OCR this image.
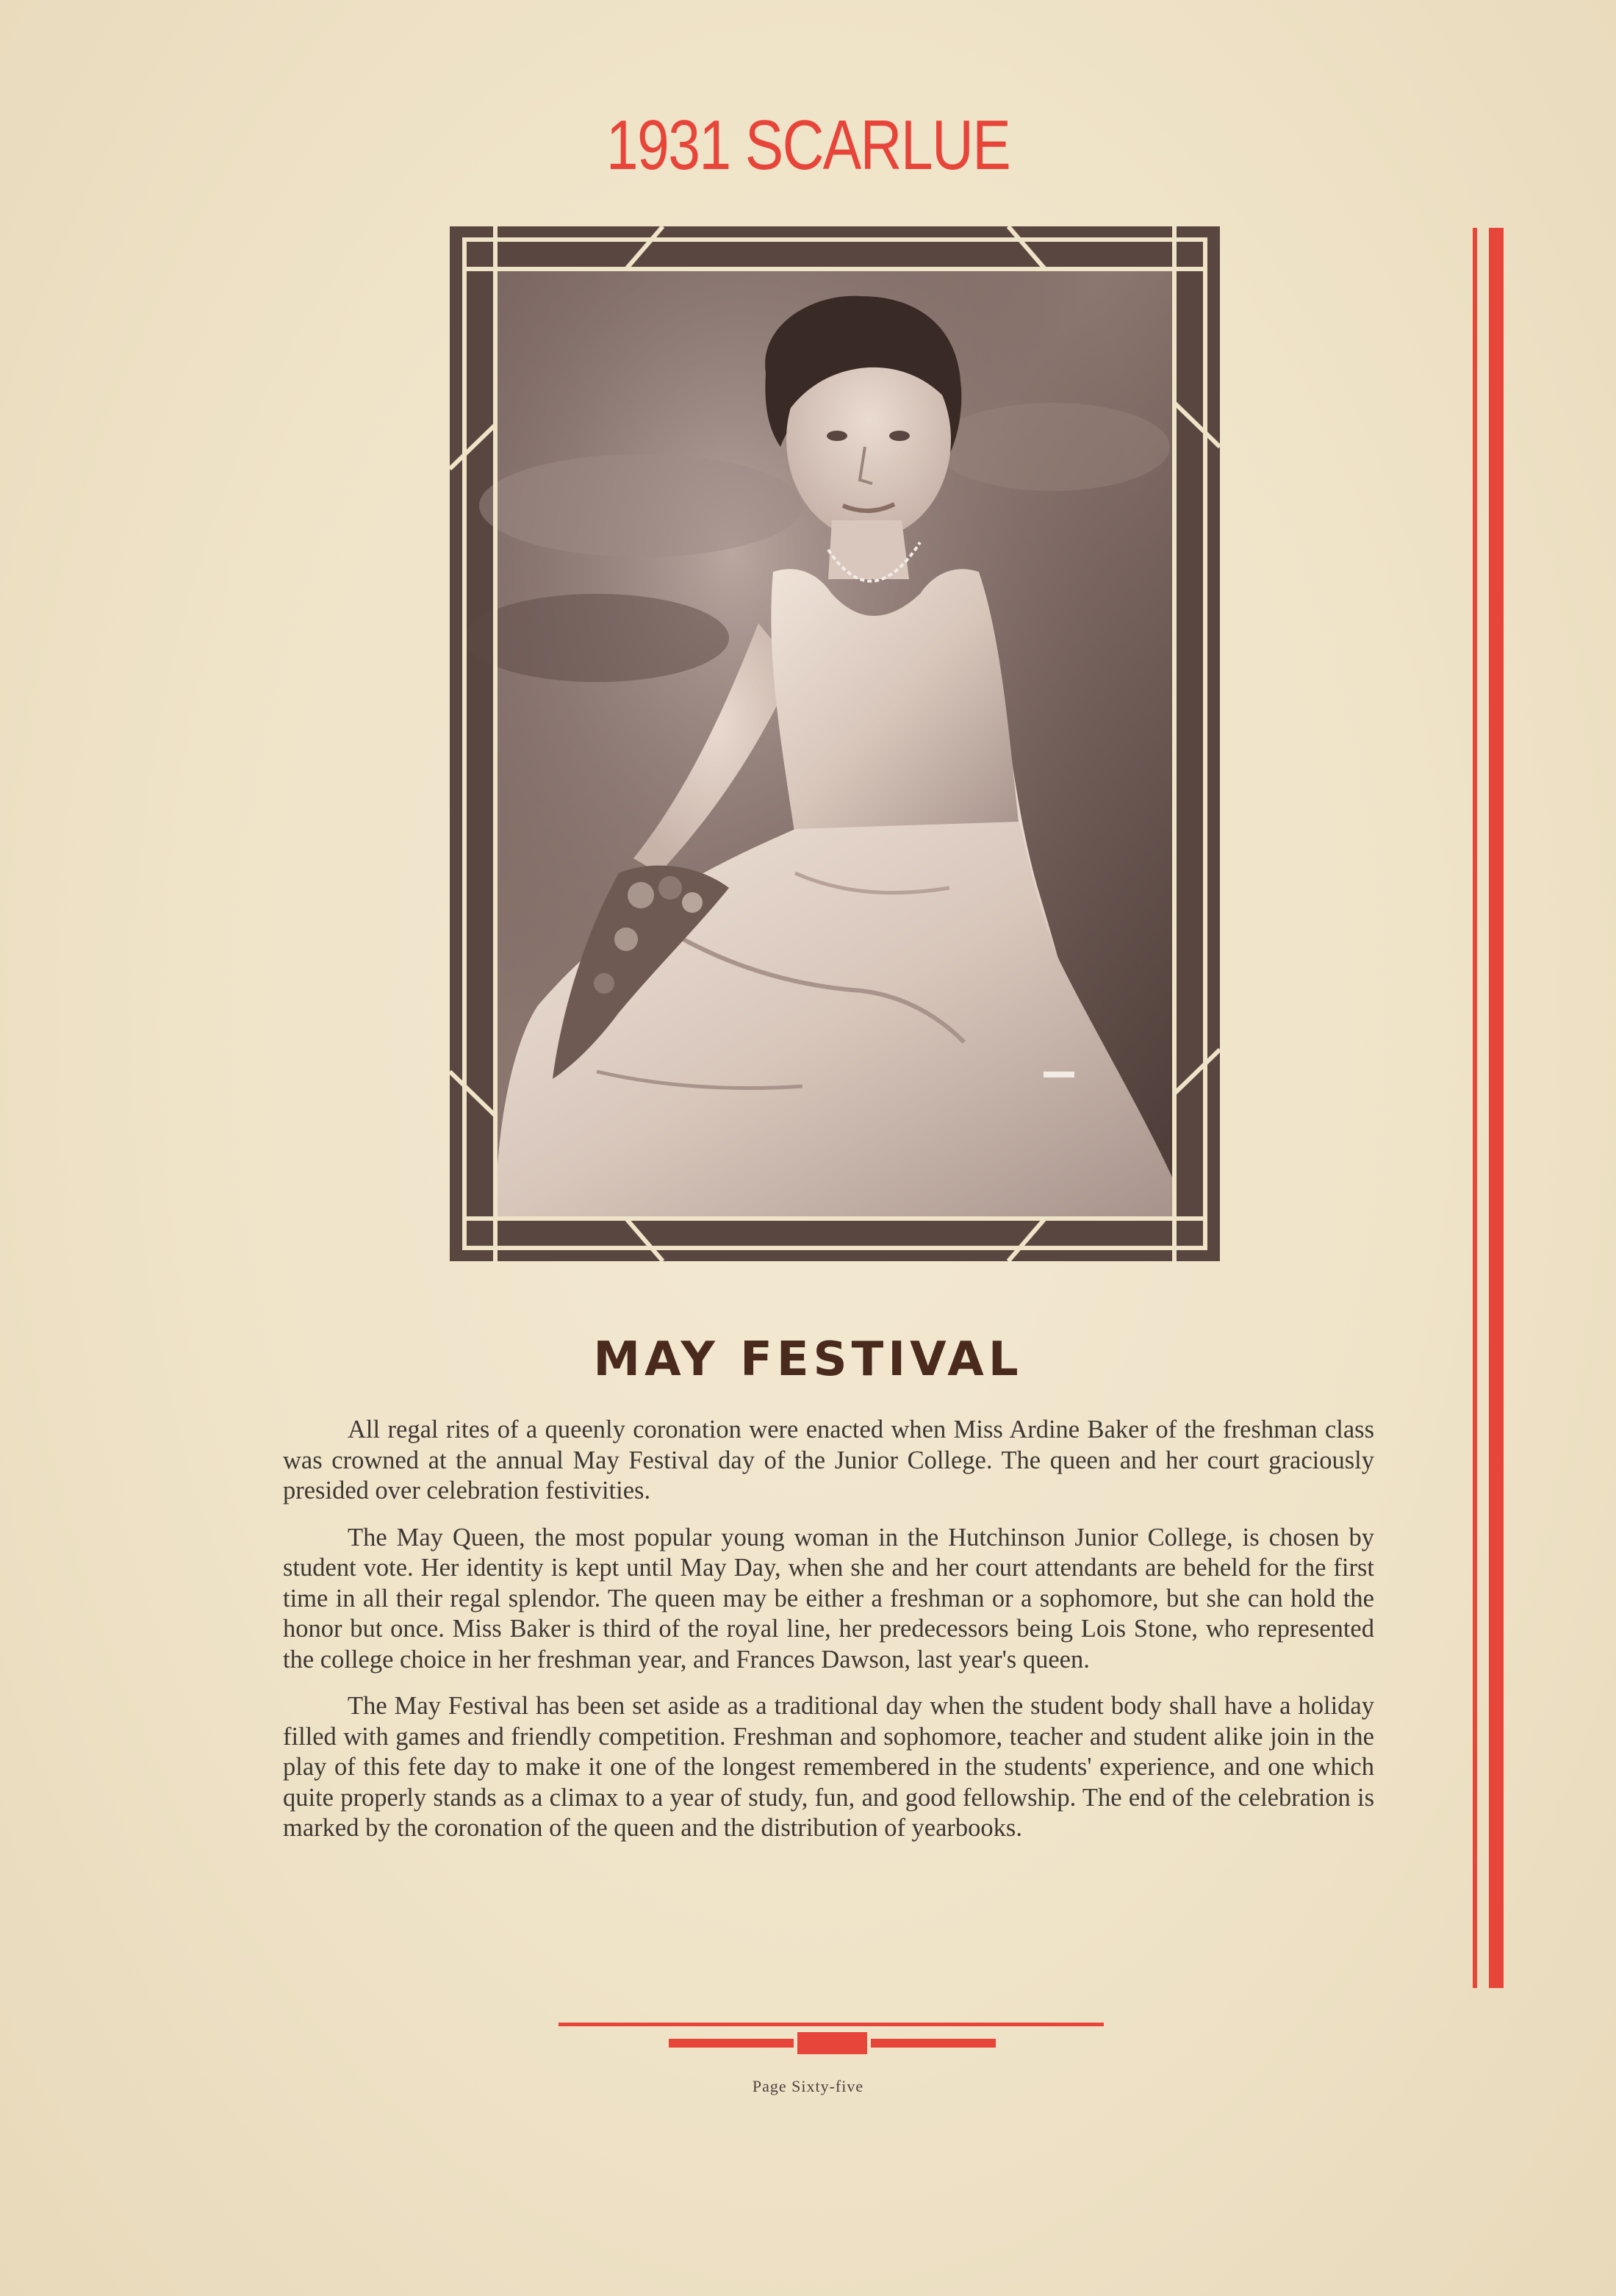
1931 SCARLUE
MAY FESTIVAL

All regal rites of a queenly coronation were enacted when Miss Ardine Baker of the freshman class was crowned at the annual May Festival day of the Junior College. The queen and her court graciously presided over celebration festivities.

The May Queen, the most popular young woman in the Hutchinson Junior College, is chosen by student vote. Her identity is kept until May Day, when she and her court attendants are beheld for the first time in all their regal splendor. The queen may be either a freshman or a sophomore, but she can hold the honor but once. Miss Baker is third of the royal line, her predecessors being Lois Stone, who represented the college choice in her freshman year, and Frances Dawson, last year's queen.

The May Festival has been set aside as a traditional day when the student body shall have a holiday filled with games and friendly competition. Freshman and sophomore, teacher and student alike join in the play of this fete day to make it one of the longest remembered in the students' experience, and one which quite properly stands as a climax to a year of study, fun, and good fellowship. The end of the celebration is marked by the coronation of the queen and the distribution of yearbooks.

Page Sixty-five
